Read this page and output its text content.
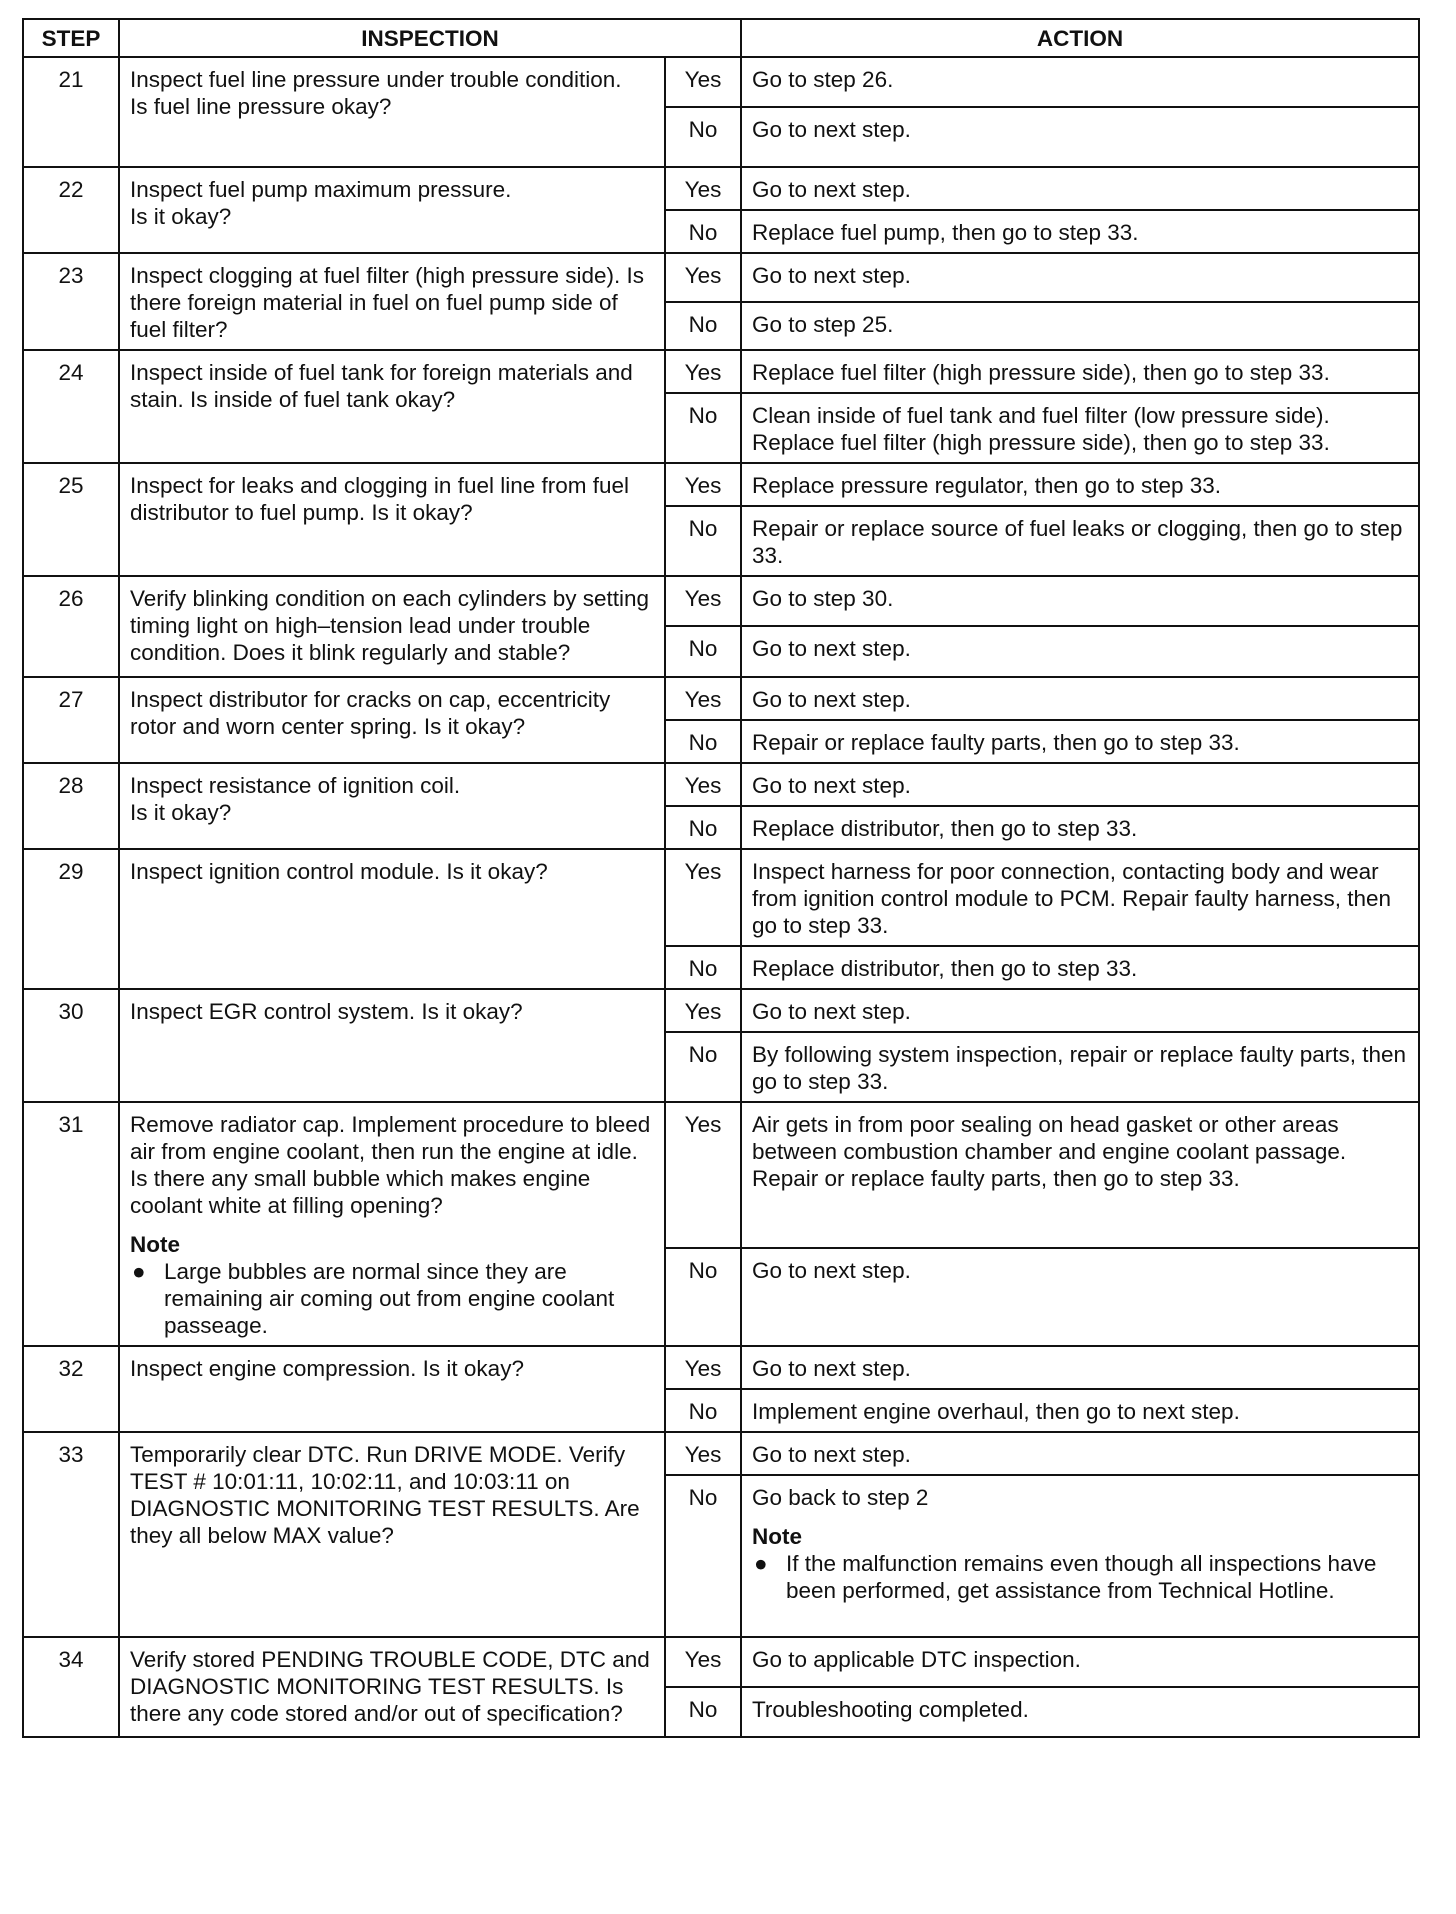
STEP	INSPECTION		ACTION
21	Inspect fuel line pressure under trouble condition.
Is fuel line pressure okay?	Yes	Go to step 26.
		No	Go to next step.

22	Inspect fuel pump maximum pressure.
Is it okay?	Yes	Go to next step.
		No	Replace fuel pump, then go to step 33.

23	Inspect clogging at fuel filter (high pressure side). Is there foreign material in fuel on fuel pump side of fuel filter?	Yes	Go to next step.
		No	Go to step 25.

24	Inspect inside of fuel tank for foreign materials and stain. Is inside of fuel tank okay?	Yes	Replace fuel filter (high pressure side), then go to step 33.
		No	Clean inside of fuel tank and fuel filter (low pressure side). Replace fuel filter (high pressure side), then go to step 33.

25	Inspect for leaks and clogging in fuel line from fuel distributor to fuel pump. Is it okay?	Yes	Replace pressure regulator, then go to step 33.
		No	Repair or replace source of fuel leaks or clogging, then go to step 33.

26	Verify blinking condition on each cylinders by setting timing light on high–tension lead under trouble condition. Does it blink regularly and stable?	Yes	Go to step 30.
		No	Go to next step.

27	Inspect distributor for cracks on cap, eccentricity rotor and worn center spring. Is it okay?	Yes	Go to next step.
		No	Repair or replace faulty parts, then go to step 33.

28	Inspect resistance of ignition coil.
Is it okay?	Yes	Go to next step.
		No	Replace distributor, then go to step 33.

29	Inspect ignition control module. Is it okay?	Yes	Inspect harness for poor connection, contacting body and wear from ignition control module to PCM. Repair faulty harness, then go to step 33.
		No	Replace distributor, then go to step 33.

30	Inspect EGR control system. Is it okay?	Yes	Go to next step.
		No	By following system inspection, repair or replace faulty parts, then go to step 33.

31	Remove radiator cap. Implement procedure to bleed air from engine coolant, then run the engine at idle. Is there any small bubble which makes engine coolant white at filling opening?
Note
● Large bubbles are normal since they are remaining air coming out from engine coolant passeage.	Yes	Air gets in from poor sealing on head gasket or other areas between combustion chamber and engine coolant passage. Repair or replace faulty parts, then go to step 33.
		No	Go to next step.

32	Inspect engine compression. Is it okay?	Yes	Go to next step.
		No	Implement engine overhaul, then go to next step.

33	Temporarily clear DTC. Run DRIVE MODE. Verify TEST # 10:01:11, 10:02:11, and 10:03:11 on DIAGNOSTIC MONITORING TEST RESULTS. Are they all below MAX value?	Yes	Go to next step.
		No	Go back to step 2
Note
● If the malfunction remains even though all inspections have been performed, get assistance from Technical Hotline.

34	Verify stored PENDING TROUBLE CODE, DTC and DIAGNOSTIC MONITORING TEST RESULTS. Is there any code stored and/or out of specification?	Yes	Go to applicable DTC inspection.
		No	Troubleshooting completed.
